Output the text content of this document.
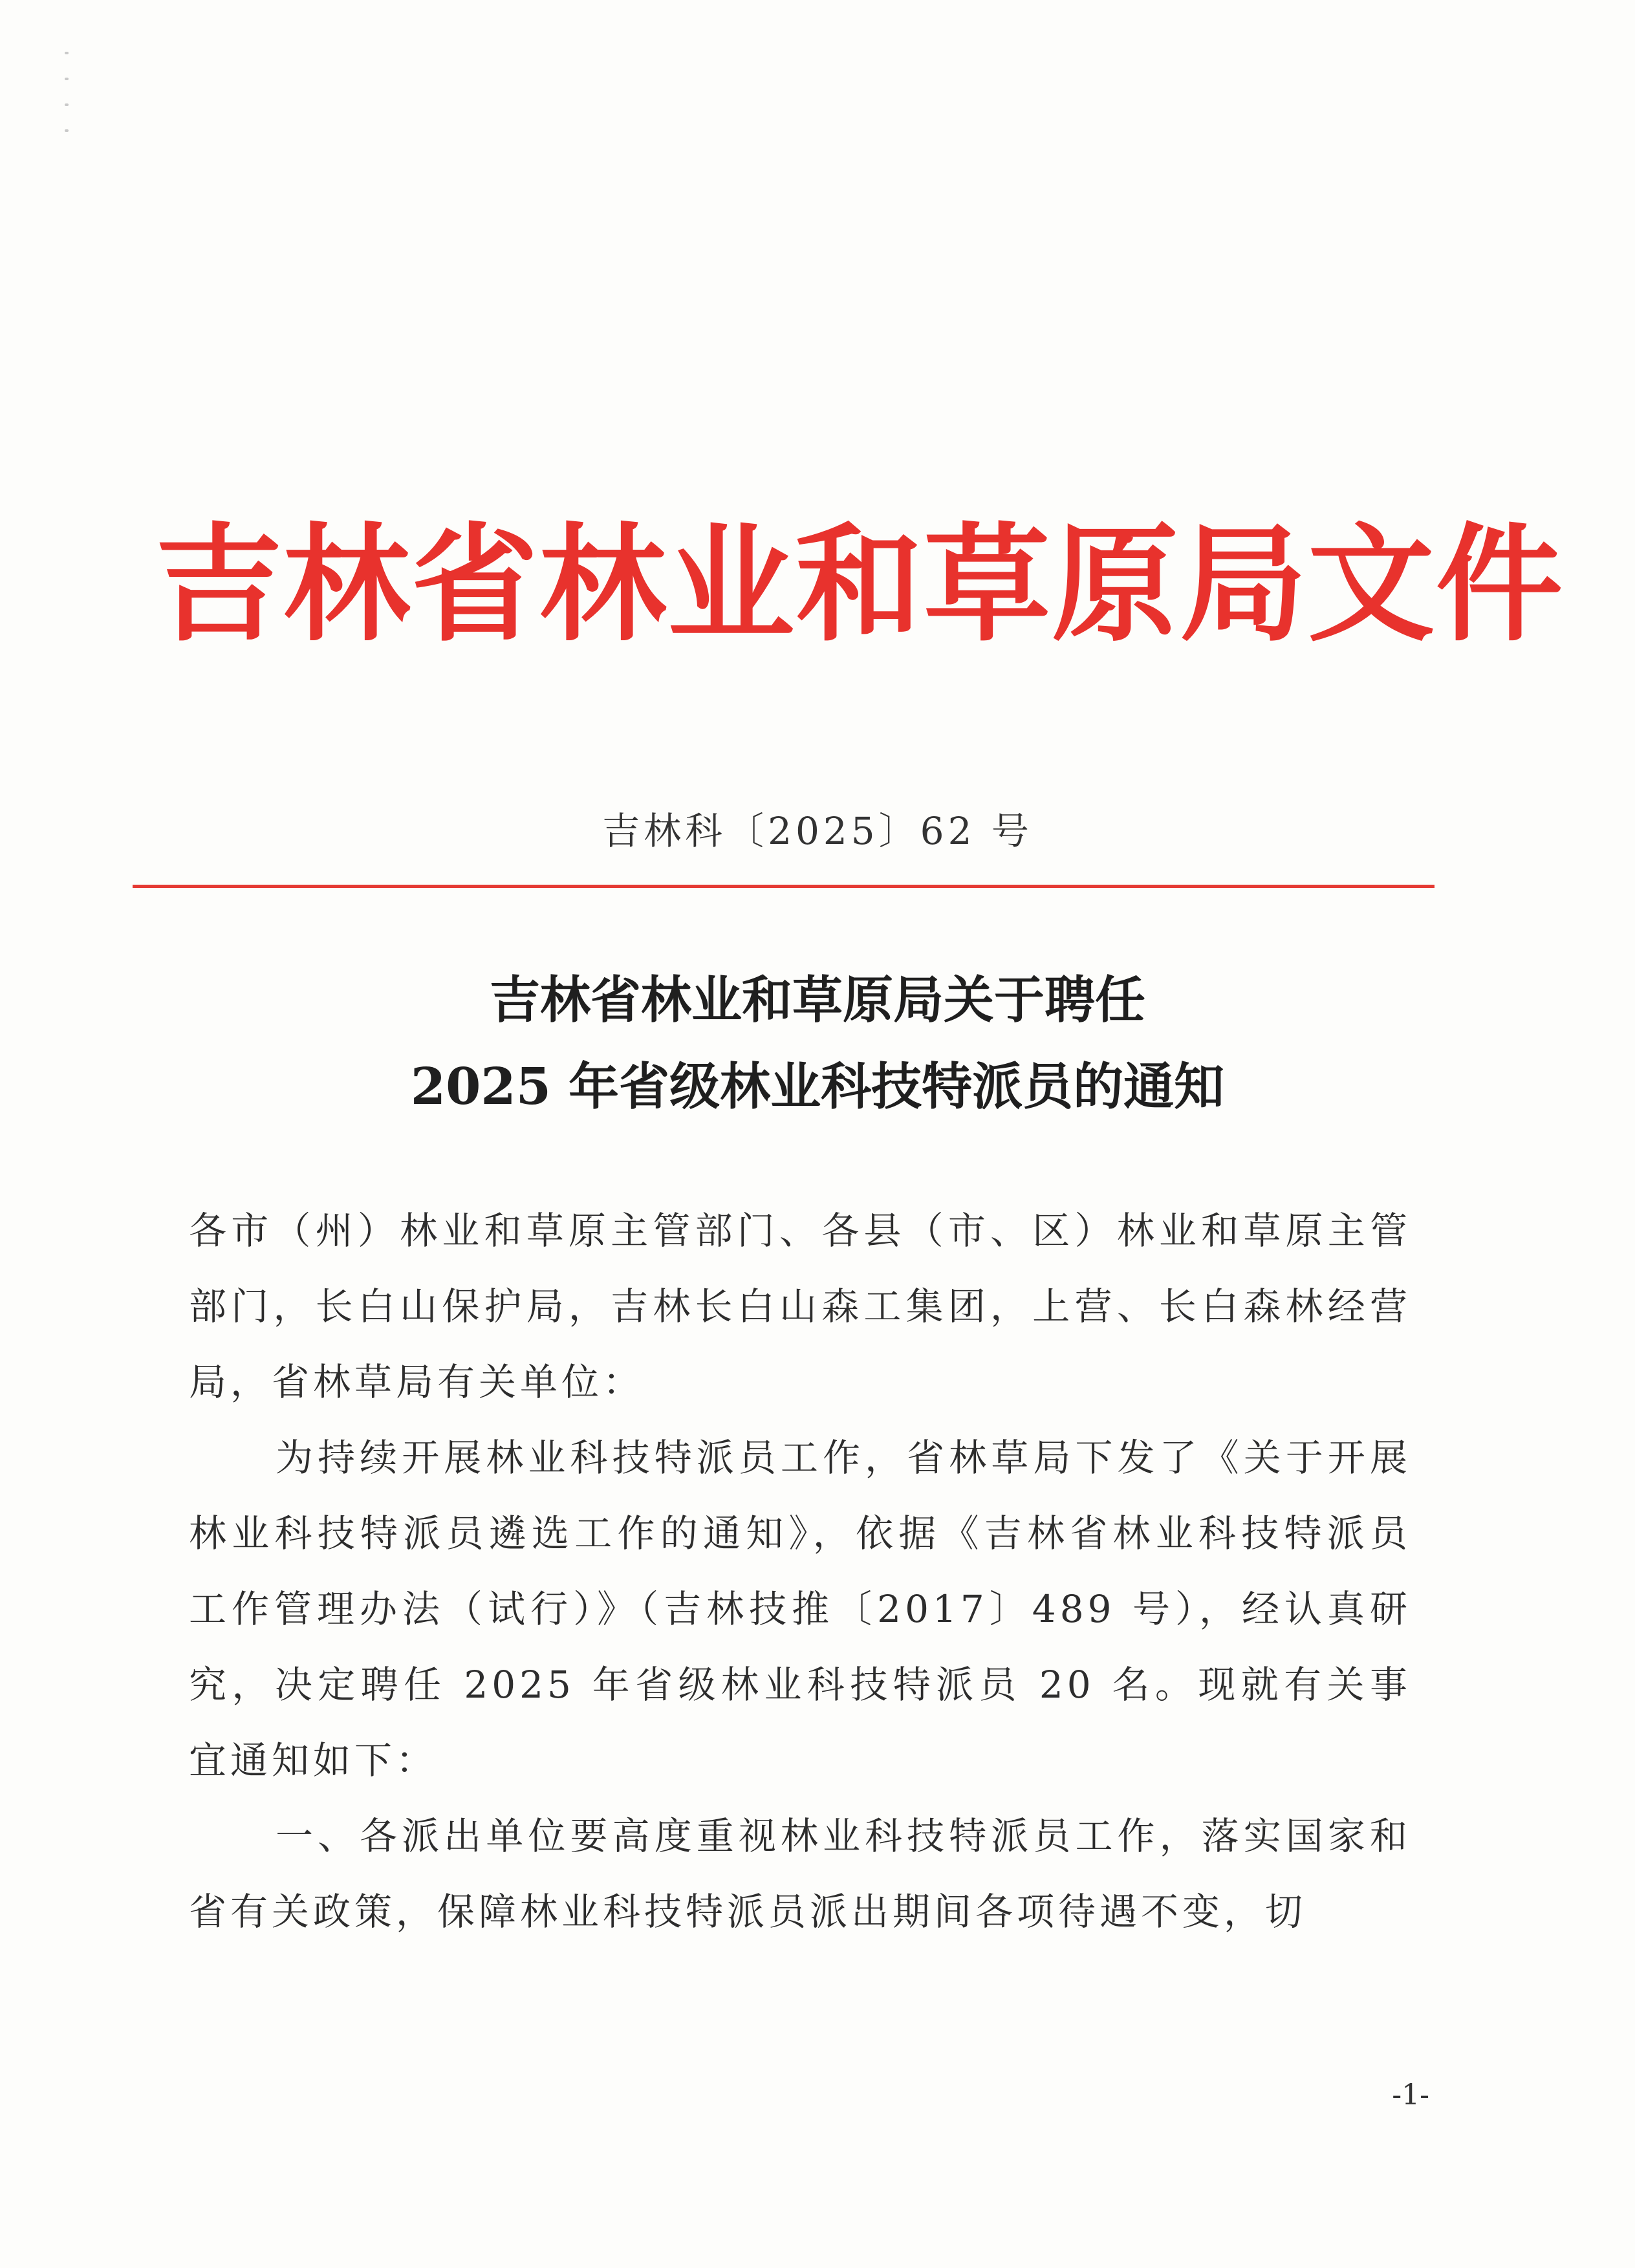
吉林省林业和草原局文件
吉林科〔2025〕62 号
吉林省林业和草原局关于聘任
2025 年省级林业科技特派员的通知

各市（州）林业和草原主管部门、各县（市、区）林业和草原主管部门，长白山保护局，吉林长白山森工集团，上营、长白森林经营局，省林草局有关单位：

为持续开展林业科技特派员工作，省林草局下发了《关于开展林业科技特派员遴选工作的通知》，依据《吉林省林业科技特派员工作管理办法（试行）》（吉林技推〔2017〕489 号），经认真研究，决定聘任 2025 年省级林业科技特派员 20 名。现就有关事宜通知如下：

一、各派出单位要高度重视林业科技特派员工作，落实国家和省有关政策，保障林业科技特派员派出期间各项待遇不变，切

-1-
